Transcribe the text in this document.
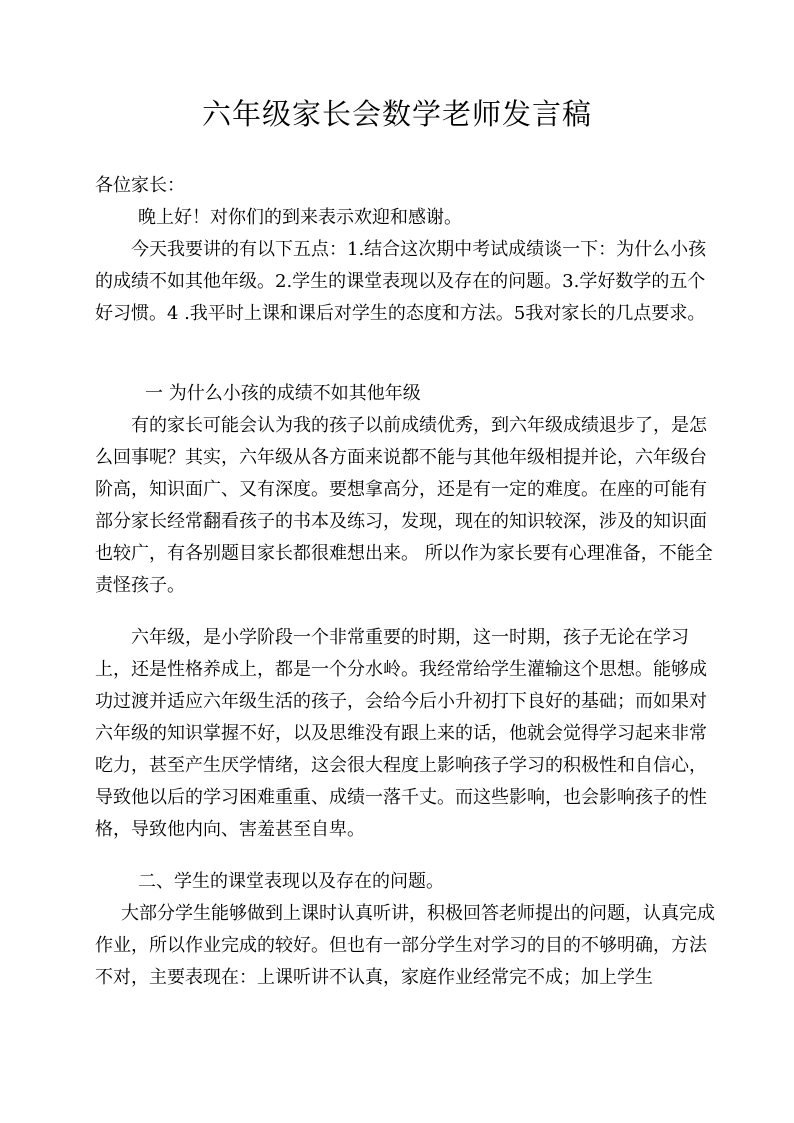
六年级家长会数学老师发言稿

各位家长：

晚上好！对你们的到来表示欢迎和感谢。

今天我要讲的有以下五点：1.结合这次期中考试成绩谈一下：为什么小孩的成绩不如其他年级。2.学生的课堂表现以及存在的问题。3.学好数学的五个好习惯。4 .我平时上课和课后对学生的态度和方法。5我对家长的几点要求。

一 为什么小孩的成绩不如其他年级

有的家长可能会认为我的孩子以前成绩优秀，到六年级成绩退步了，是怎么回事呢？其实，六年级从各方面来说都不能与其他年级相提并论，六年级台阶高，知识面广、又有深度。要想拿高分，还是有一定的难度。在座的可能有部分家长经常翻看孩子的书本及练习，发现，现在的知识较深，涉及的知识面也较广，有各别题目家长都很难想出来。 所以作为家长要有心理准备，不能全责怪孩子。

六年级，是小学阶段一个非常重要的时期，这一时期，孩子无论在学习上，还是性格养成上，都是一个分水岭。我经常给学生灌输这个思想。能够成功过渡并适应六年级生活的孩子，会给今后小升初打下良好的基础；而如果对六年级的知识掌握不好，以及思维没有跟上来的话，他就会觉得学习起来非常吃力，甚至产生厌学情绪，这会很大程度上影响孩子学习的积极性和自信心，导致他以后的学习困难重重、成绩一落千丈。而这些影响，也会影响孩子的性格，导致他内向、害羞甚至自卑。

二、学生的课堂表现以及存在的问题。

大部分学生能够做到上课时认真听讲，积极回答老师提出的问题，认真完成作业，所以作业完成的较好。但也有一部分学生对学习的目的不够明确，方法不对，主要表现在：上课听讲不认真，家庭作业经常完不成；加上学生
